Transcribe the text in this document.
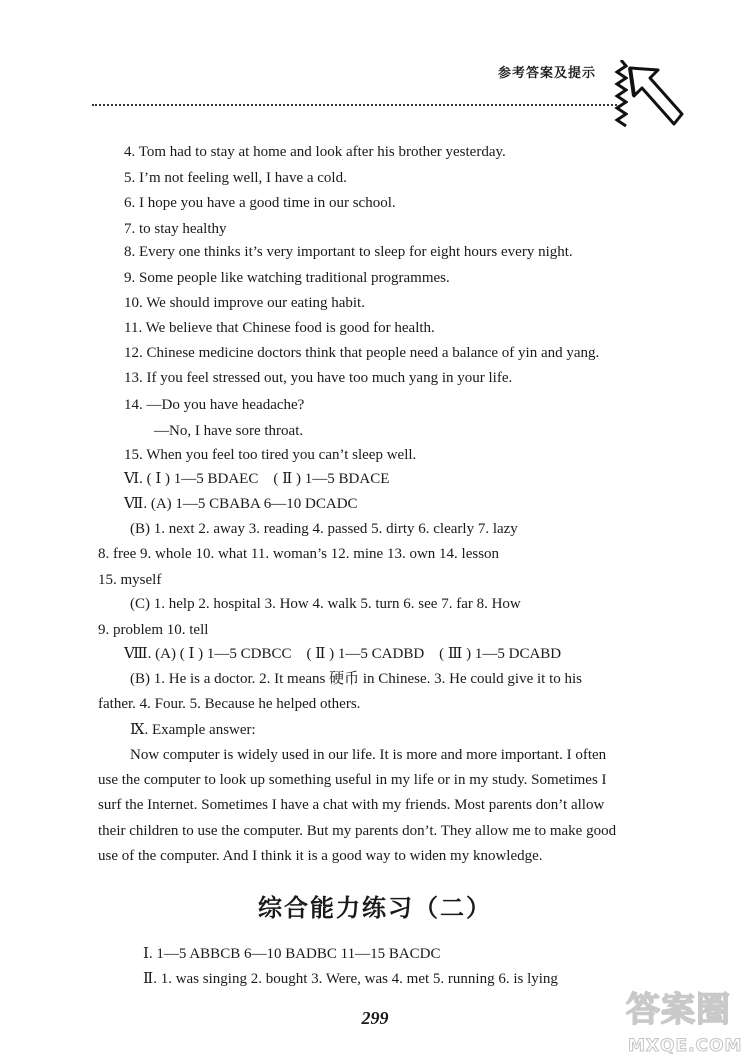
参考答案及提示
4. Tom had to stay at home and look after his brother yesterday.
5. I’m not feeling well, I have a cold.
6. I hope you have a good time in our school.
7. to stay healthy
8. Every one thinks it’s very important to sleep for eight hours every night.
9. Some people like watching traditional programmes.
10. We should improve our eating habit.
11. We believe that Chinese food is good for health.
12. Chinese medicine doctors think that people need a balance of yin and yang.
13. If you feel stressed out, you have too much yang in your life.
14. —Do you have headache?
—No, I have sore throat.
15. When you feel too tired you can’t sleep well.
Ⅵ. ( Ⅰ ) 1—5 BDAEC　( Ⅱ ) 1—5 BDACE
Ⅶ. (A) 1—5 CBABA 6—10 DCADC
(B) 1. next 2. away 3. reading 4. passed 5. dirty 6. clearly 7. lazy
8. free 9. whole 10. what 11. woman’s 12. mine 13. own 14. lesson
15. myself
(C) 1. help 2. hospital 3. How 4. walk 5. turn 6. see 7. far 8. How
9. problem 10. tell
Ⅷ. (A) ( Ⅰ ) 1—5 CDBCC　( Ⅱ ) 1—5 CADBD　( Ⅲ ) 1—5 DCABD
(B) 1. He is a doctor. 2. It means 硬币 in Chinese. 3. He could give it to his
father. 4. Four. 5. Because he helped others.
Ⅸ. Example answer:
Now computer is widely used in our life. It is more and more important. I often
use the computer to look up something useful in my life or in my study. Sometimes I
surf the Internet. Sometimes I have a chat with my friends. Most parents don’t allow
their children to use the computer. But my parents don’t. They allow me to make good
use of the computer. And I think it is a good way to widen my knowledge.
综合能力练习（二）
Ⅰ. 1—5 ABBCB 6—10 BADBC 11—15 BACDC
Ⅱ. 1. was singing 2. bought 3. Were, was 4. met 5. running 6. is lying
299	答案圈
MXQE.COM
